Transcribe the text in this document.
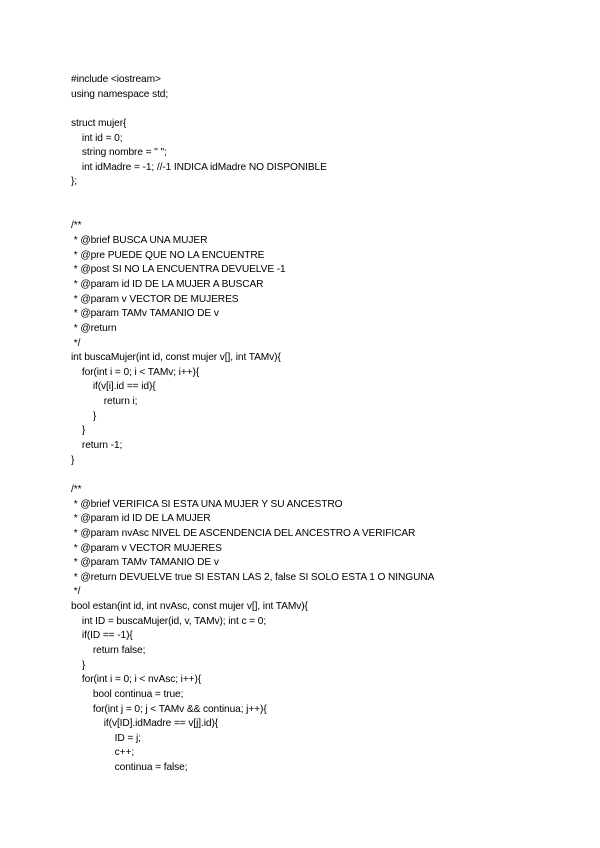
#include <iostream>
using namespace std;
struct mujer{
int id = 0;
string nombre = " ";
int idMadre = -1; //-1 INDICA idMadre NO DISPONIBLE
};
/**
* @brief BUSCA UNA MUJER
* @pre PUEDE QUE NO LA ENCUENTRE
* @post SI NO LA ENCUENTRA DEVUELVE -1
* @param id ID DE LA MUJER A BUSCAR
* @param v VECTOR DE MUJERES
* @param TAMv TAMANIO DE v
* @return
*/
int buscaMujer(int id, const mujer v[], int TAMv){
for(int i = 0; i < TAMv; i++){
if(v[i].id == id){
return i;
}
}
return -1;
}
/**
* @brief VERIFICA SI ESTA UNA MUJER Y SU ANCESTRO
* @param id ID DE LA MUJER
* @param nvAsc NIVEL DE ASCENDENCIA DEL ANCESTRO A VERIFICAR
* @param v VECTOR MUJERES
* @param TAMv TAMANIO DE v
* @return DEVUELVE true SI ESTAN LAS 2, false SI SOLO ESTA 1 O NINGUNA
*/
bool estan(int id, int nvAsc, const mujer v[], int TAMv){
int ID = buscaMujer(id, v, TAMv); int c = 0;
if(ID == -1){
return false;
}
for(int i = 0; i < nvAsc; i++){
bool continua = true;
for(int j = 0; j < TAMv && continua; j++){
if(v[ID].idMadre == v[j].id){
ID = j;
c++;
continua = false;
